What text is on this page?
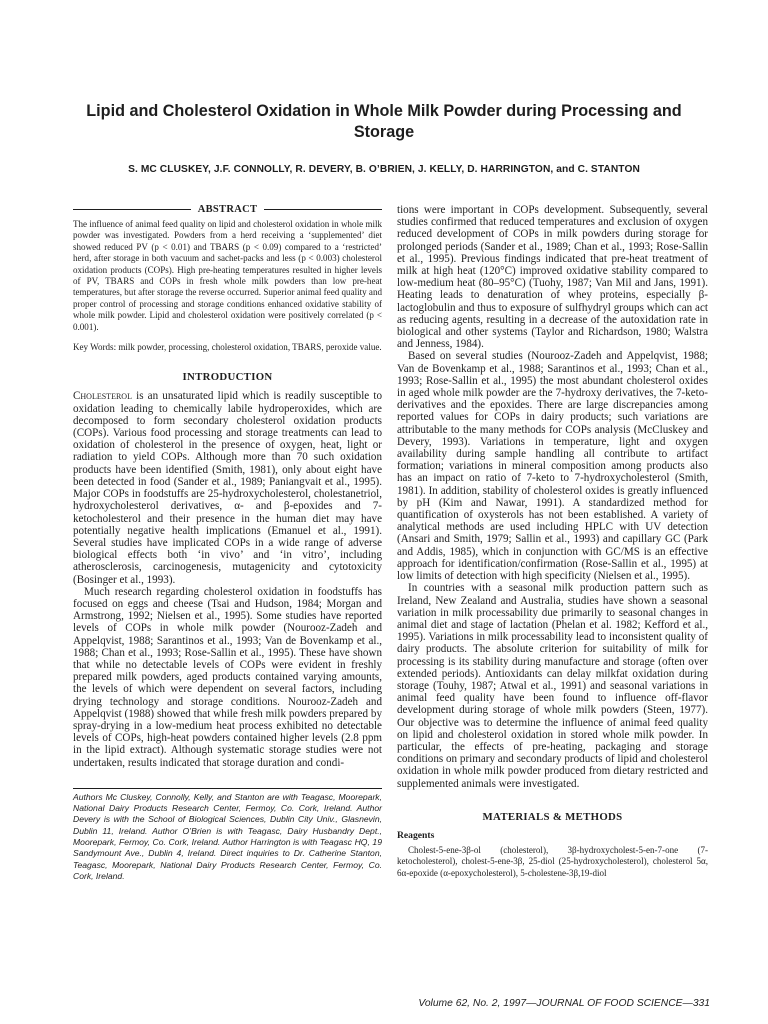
Lipid and Cholesterol Oxidation in Whole Milk Powder during Processing and Storage
S. MC CLUSKEY, J.F. CONNOLLY, R. DEVERY, B. O’BRIEN, J. KELLY, D. HARRINGTON, and C. STANTON
ABSTRACT

The influence of animal feed quality on lipid and cholesterol oxidation in whole milk powder was investigated. Powders from a herd receiving a ‘supplemented’ diet showed reduced PV (p < 0.01) and TBARS (p < 0.09) compared to a ‘restricted’ herd, after storage in both vacuum and sachet-packs and less (p < 0.003) cholesterol oxidation products (COPs). High pre-heating temperatures resulted in higher levels of PV, TBARS and COPs in fresh whole milk powders than low pre-heat temperatures, but after storage the reverse occurred. Superior animal feed quality and proper control of processing and storage conditions enhanced oxidative stability of whole milk powder. Lipid and cholesterol oxidation were positively correlated (p < 0.001).

Key Words: milk powder, processing, cholesterol oxidation, TBARS, peroxide value.

INTRODUCTION

Cholesterol is an unsaturated lipid which is readily susceptible to oxidation leading to chemically labile hydroperoxides, which are decomposed to form secondary cholesterol oxidation products (COPs). Various food processing and storage treatments can lead to oxidation of cholesterol in the presence of oxygen, heat, light or radiation to yield COPs. Although more than 70 such oxidation products have been identified (Smith, 1981), only about eight have been detected in food (Sander et al., 1989; Paniangvait et al., 1995). Major COPs in foodstuffs are 25-hydroxycholesterol, cholestanetriol, hydroxycholesterol derivatives, α- and β-epoxides and 7-ketocholesterol and their presence in the human diet may have potentially negative health implications (Emanuel et al., 1991). Several studies have implicated COPs in a wide range of adverse biological effects both ‘in vivo’ and ‘in vitro’, including atherosclerosis, carcinogenesis, mutagenicity and cytotoxicity (Bosinger et al., 1993).

Much research regarding cholesterol oxidation in foodstuffs has focused on eggs and cheese (Tsai and Hudson, 1984; Morgan and Armstrong, 1992; Nielsen et al., 1995). Some studies have reported levels of COPs in whole milk powder (Nourooz-Zadeh and Appelqvist, 1988; Sarantinos et al., 1993; Van de Bovenkamp et al., 1988; Chan et al., 1993; Rose-Sallin et al., 1995). These have shown that while no detectable levels of COPs were evident in freshly prepared milk powders, aged products contained varying amounts, the levels of which were dependent on several factors, including drying technology and storage conditions. Nourooz-Zadeh and Appelqvist (1988) showed that while fresh milk powders prepared by spray-drying in a low-medium heat process exhibited no detectable levels of COPs, high-heat powders contained higher levels (2.8 ppm in the lipid extract). Although systematic storage studies were not undertaken, results indicated that storage duration and condi-

Authors Mc Cluskey, Connolly, Kelly, and Stanton are with Teagasc, Moorepark, National Dairy Products Research Center, Fermoy, Co. Cork, Ireland. Author Devery is with the School of Biological Sciences, Dublin City Univ., Glasnevin, Dublin 11, Ireland. Author O’Brien is with Teagasc, Dairy Husbandry Dept., Moorepark, Fermoy, Co. Cork, Ireland. Author Harrington is with Teagasc HQ, 19 Sandymount Ave., Dublin 4, Ireland. Direct inquiries to Dr. Catherine Stanton, Teagasc, Moorepark, National Dairy Products Research Center, Fermoy, Co. Cork, Ireland.

tions were important in COPs development. Subsequently, several studies confirmed that reduced temperatures and exclusion of oxygen reduced development of COPs in milk powders during storage for prolonged periods (Sander et al., 1989; Chan et al., 1993; Rose-Sallin et al., 1995). Previous findings indicated that pre-heat treatment of milk at high heat (120°C) improved oxidative stability compared to low-medium heat (80–95°C) (Tuohy, 1987; Van Mil and Jans, 1991). Heating leads to denaturation of whey proteins, especially β-lactoglobulin and thus to exposure of sulfhydryl groups which can act as reducing agents, resulting in a decrease of the autoxidation rate in biological and other systems (Taylor and Richardson, 1980; Walstra and Jenness, 1984).

Based on several studies (Nourooz-Zadeh and Appelqvist, 1988; Van de Bovenkamp et al., 1988; Sarantinos et al., 1993; Chan et al., 1993; Rose-Sallin et al., 1995) the most abundant cholesterol oxides in aged whole milk powder are the 7-hydroxy derivatives, the 7-keto-derivatives and the epoxides. There are large discrepancies among reported values for COPs in dairy products; such variations are attributable to the many methods for COPs analysis (McCluskey and Devery, 1993). Variations in temperature, light and oxygen availability during sample handling all contribute to artifact formation; variations in mineral composition among products also has an impact on ratio of 7-keto to 7-hydroxycholesterol (Smith, 1981). In addition, stability of cholesterol oxides is greatly influenced by pH (Kim and Nawar, 1991). A standardized method for quantification of oxysterols has not been established. A variety of analytical methods are used including HPLC with UV detection (Ansari and Smith, 1979; Sallin et al., 1993) and capillary GC (Park and Addis, 1985), which in conjunction with GC/MS is an effective approach for identification/confirmation (Rose-Sallin et al., 1995) at low limits of detection with high specificity (Nielsen et al., 1995).

In countries with a seasonal milk production pattern such as Ireland, New Zealand and Australia, studies have shown a seasonal variation in milk processability due primarily to seasonal changes in animal diet and stage of lactation (Phelan et al. 1982; Kefford et al., 1995). Variations in milk processability lead to inconsistent quality of dairy products. The absolute criterion for suitability of milk for processing is its stability during manufacture and storage (often over extended periods). Antioxidants can delay milkfat oxidation during storage (Touhy, 1987; Atwal et al., 1991) and seasonal variations in animal feed quality have been found to influence off-flavor development during storage of whole milk powders (Steen, 1977). Our objective was to determine the influence of animal feed quality on lipid and cholesterol oxidation in stored whole milk powder. In particular, the effects of pre-heating, packaging and storage conditions on primary and secondary products of lipid and cholesterol oxidation in whole milk powder produced from dietary restricted and supplemented animals were investigated.

MATERIALS & METHODS
Reagents

Cholest-5-ene-3β-ol (cholesterol), 3β-hydroxycholest-5-en-7-one (7-ketocholesterol), cholest-5-ene-3β, 25-diol (25-hydroxycholesterol), cholesterol 5α, 6α-epoxide (α-epoxycholesterol), 5-cholestene-3β,19-diol

Volume 62, No. 2, 1997—JOURNAL OF FOOD SCIENCE—331
